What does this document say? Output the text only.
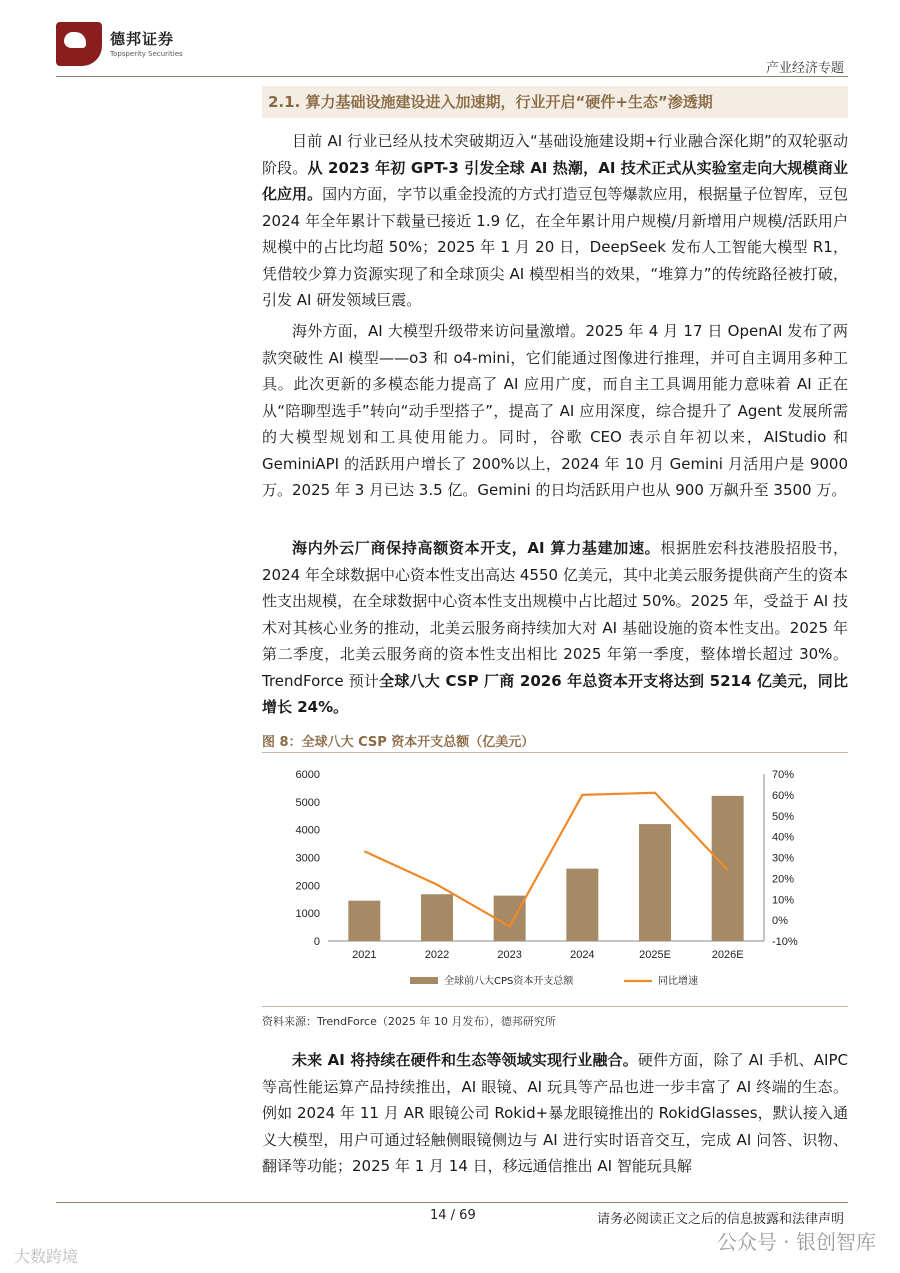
德邦证券
Topsperity Securities
产业经济专题
2.1. 算力基础设施建设进入加速期，行业开启“硬件+生态”渗透期
目前 AI 行业已经从技术突破期迈入“基础设施建设期+行业融合深化期”的双轮驱动阶段。从 2023 年初 GPT-3 引发全球 AI 热潮，AI 技术正式从实验室走向大规模商业化应用。国内方面，字节以重金投流的方式打造豆包等爆款应用，根据量子位智库，豆包 2024 年全年累计下载量已接近 1.9 亿，在全年累计用户规模/月新增用户规模/活跃用户规模中的占比均超 50%；2025 年 1 月 20 日，DeepSeek 发布人工智能大模型 R1，凭借较少算力资源实现了和全球顶尖 AI 模型相当的效果，“堆算力”的传统路径被打破，引发 AI 研发领域巨震。
海外方面，AI 大模型升级带来访问量激增。2025 年 4 月 17 日 OpenAI 发布了两款突破性 AI 模型——o3 和 o4-mini，它们能通过图像进行推理，并可自主调用多种工具。此次更新的多模态能力提高了 AI 应用广度，而自主工具调用能力意味着 AI 正在从“陪聊型选手”转向“动手型搭子”，提高了 AI 应用深度，综合提升了 Agent 发展所需的大模型规划和工具使用能力。同时，谷歌 CEO 表示自年初以来，AIStudio 和 GeminiAPI 的活跃用户增长了 200%以上，2024 年 10 月 Gemini 月活用户是 9000 万。2025 年 3 月已达 3.5 亿。Gemini 的日均活跃用户也从 900 万飙升至 3500 万。
海内外云厂商保持高额资本开支，AI 算力基建加速。根据胜宏科技港股招股书，2024 年全球数据中心资本性支出高达 4550 亿美元，其中北美云服务提供商产生的资本性支出规模，在全球数据中心资本性支出规模中占比超过 50%。2025 年，受益于 AI 技术对其核心业务的推动，北美云服务商持续加大对 AI 基础设施的资本性支出。2025 年第二季度，北美云服务商的资本性支出相比 2025 年第一季度，整体增长超过 30%。TrendForce 预计全球八大 CSP 厂商 2026 年总资本开支将达到 5214 亿美元，同比增长 24%。
图 8：全球八大 CSP 资本开支总额（亿美元）
0
1000
2000
3000
4000
5000
6000
-10%
0%
10%
20%
30%
40%
50%
60%
70%
2021	2022	2023	2024	2025E	2026E
全球前八大CPS资本开支总额	同比增速
资料来源：TrendForce（2025 年 10 月发布），德邦研究所
未来 AI 将持续在硬件和生态等领域实现行业融合。硬件方面，除了 AI 手机、AIPC 等高性能运算产品持续推出，AI 眼镜、AI 玩具等产品也进一步丰富了 AI 终端的生态。例如 2024 年 11 月 AR 眼镜公司 Rokid+暴龙眼镜推出的 RokidGlasses，默认接入通义大模型，用户可通过轻触侧眼镜侧边与 AI 进行实时语音交互，完成 AI 问答、识物、翻译等功能；2025 年 1 月 14 日，移远通信推出 AI 智能玩具解
14 / 69	请务必阅读正文之后的信息披露和法律声明
公众号 · 银创智库
大数跨境
